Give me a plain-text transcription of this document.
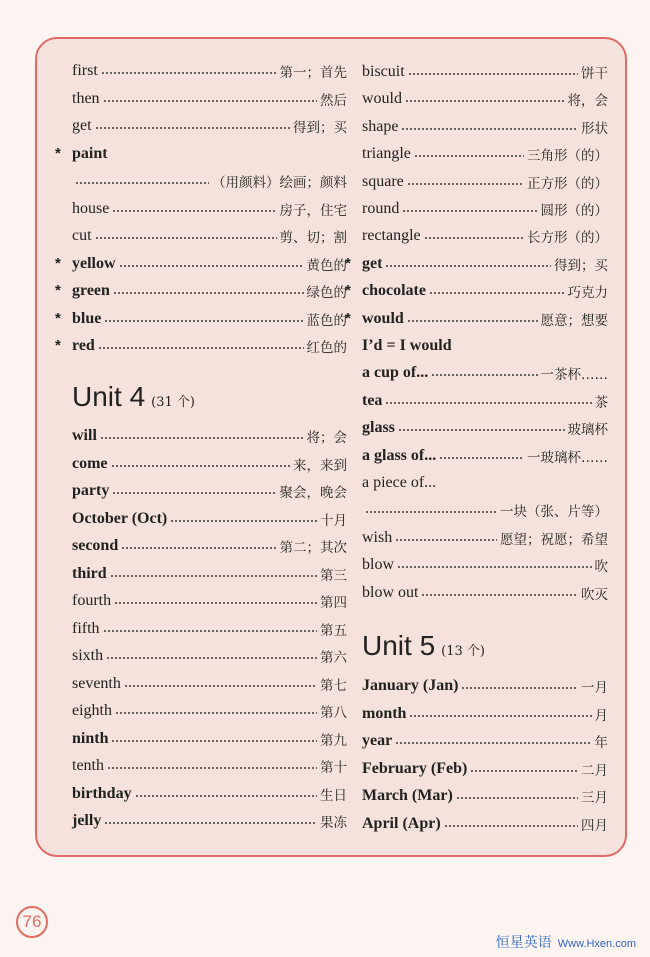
first	第一；首先
then	然后
get	得到；买
* paint
（用颜料）绘画；颜料
house	房子，住宅
cut	剪、切；割
* yellow	黄色的
* green	绿色的
* blue	蓝色的
* red	红色的
Unit 4 (31 个)
will	将；会
come	来，来到
party	聚会，晚会
October (Oct)	十月
second	第二；其次
third	第三
fourth	第四
fifth	第五
sixth	第六
seventh	第七
eighth	第八
ninth	第九
tenth	第十
birthday	生日
jelly	果冻
biscuit	饼干
would	将，会
shape	形状
triangle	三角形（的）
square	正方形（的）
round	圆形（的）
rectangle	长方形（的）
* get	得到；买
* chocolate	巧克力
* would	愿意；想要
I’d = I would
a cup of...	一茶杯……
tea	茶
glass	玻璃杯
a glass of...	一玻璃杯……
a piece of...
一块（张、片等）
wish	愿望；祝愿；希望
blow	吹
blow out	吹灭
Unit 5 (13 个)
January (Jan)	一月
month	月
year	年
February (Feb)	二月
March (Mar)	三月
April (Apr)	四月
76
恒星英语 Www.Hxen.com
